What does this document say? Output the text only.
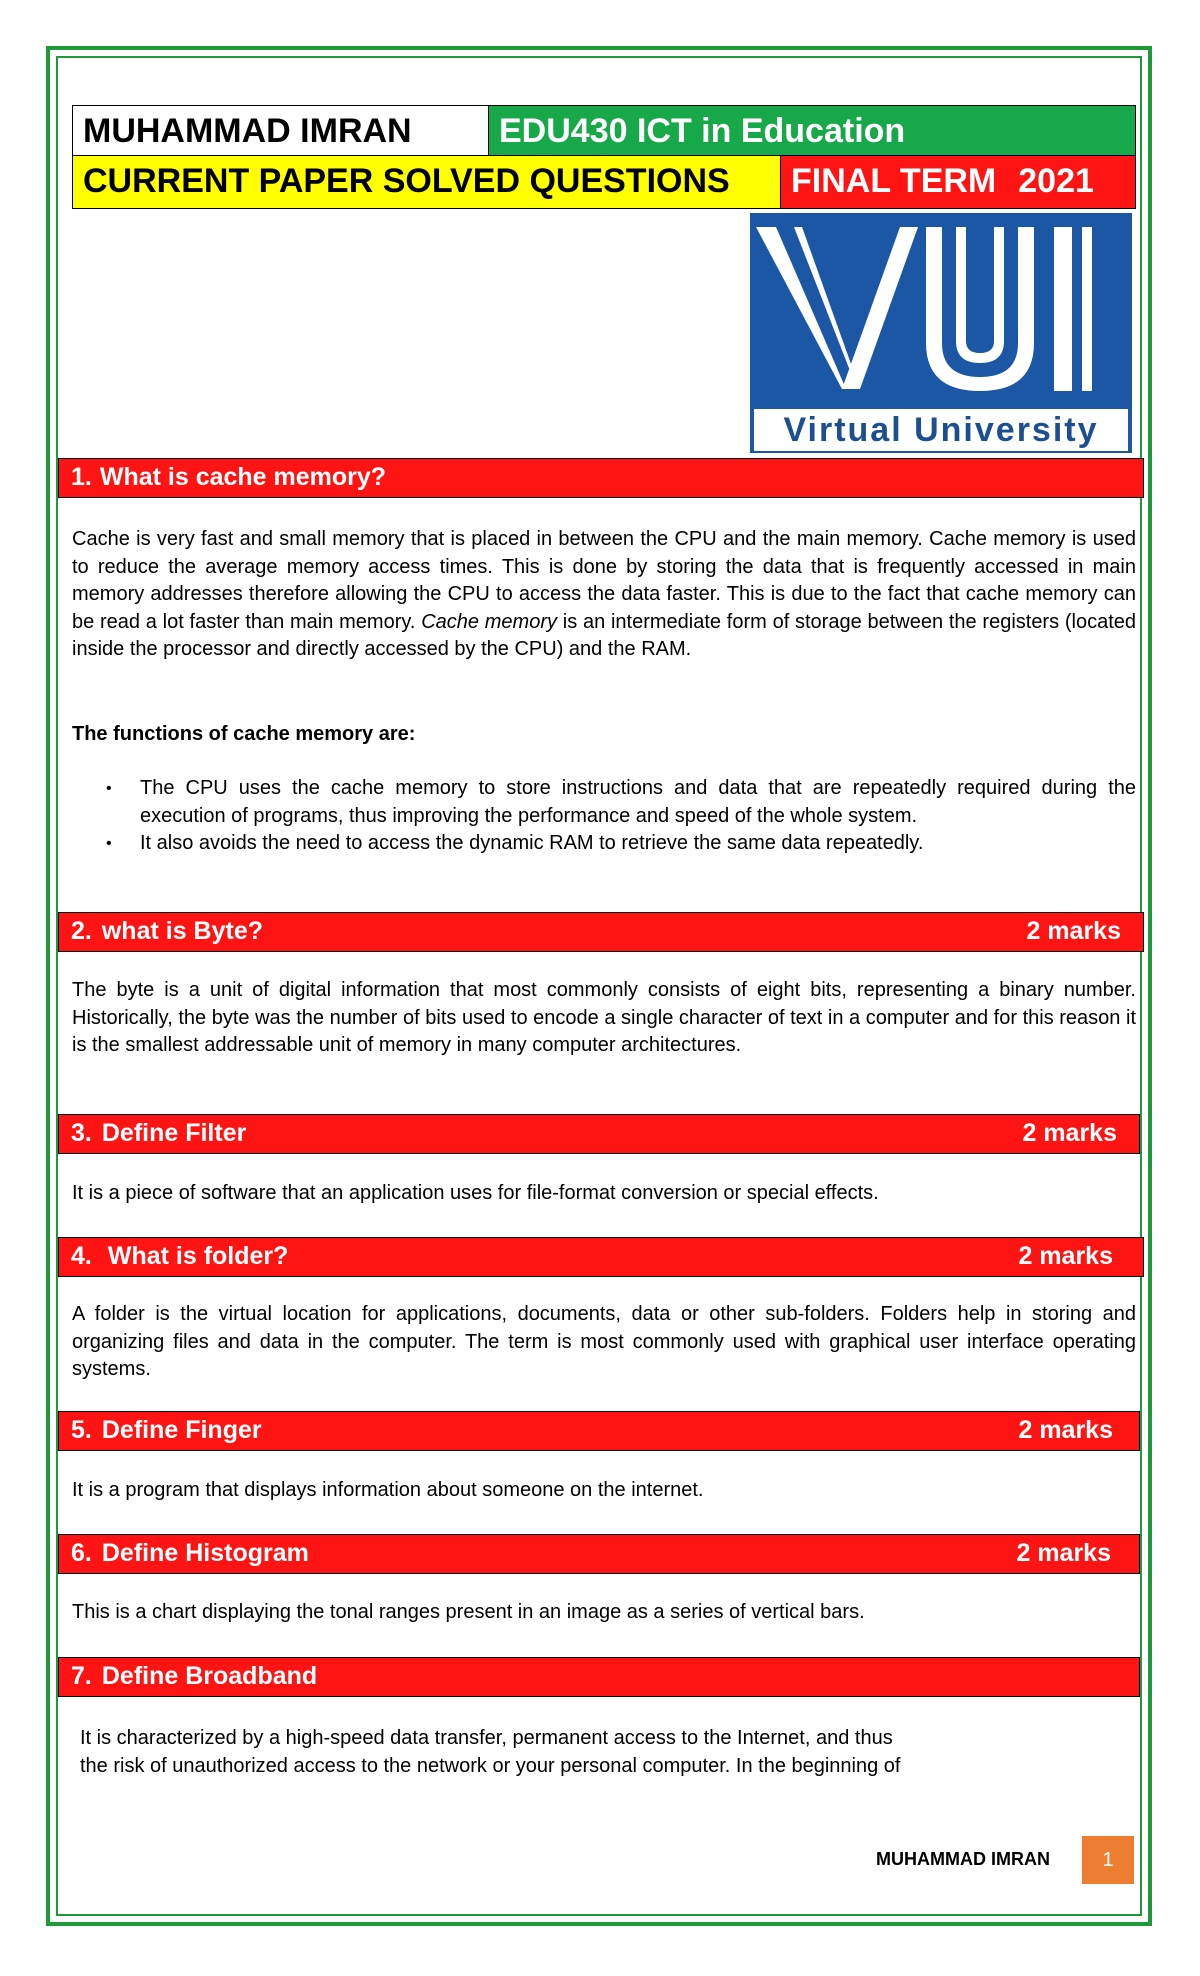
MUHAMMAD IMRAN	EDU430 ICT in Education
CURRENT PAPER SOLVED QUESTIONS	FINAL TERM 2021
Virtual University
1. What is cache memory?
Cache is very fast and small memory that is placed in between the CPU and the main memory. Cache memory is used to reduce the average memory access times. This is done by storing the data that is frequently accessed in main memory addresses therefore allowing the CPU to access the data faster. This is due to the fact that cache memory can be read a lot faster than main memory. Cache memory is an intermediate form of storage between the registers (located inside the processor and directly accessed by the CPU) and the RAM.
The functions of cache memory are:
• The CPU uses the cache memory to store instructions and data that are repeatedly required during the execution of programs, thus improving the performance and speed of the whole system.
• It also avoids the need to access the dynamic RAM to retrieve the same data repeatedly.
2. what is Byte?	2 marks
The byte is a unit of digital information that most commonly consists of eight bits, representing a binary number. Historically, the byte was the number of bits used to encode a single character of text in a computer and for this reason it is the smallest addressable unit of memory in many computer architectures.
3. Define Filter	2 marks
It is a piece of software that an application uses for file-format conversion or special effects.
4. What is folder?	2 marks
A folder is the virtual location for applications, documents, data or other sub-folders. Folders help in storing and organizing files and data in the computer. The term is most commonly used with graphical user interface operating systems.
5. Define Finger	2 marks
It is a program that displays information about someone on the internet.
6. Define Histogram	2 marks
This is a chart displaying the tonal ranges present in an image as a series of vertical bars.
7. Define Broadband
It is characterized by a high-speed data transfer, permanent access to the Internet, and thus
the risk of unauthorized access to the network or your personal computer. In the beginning of
MUHAMMAD IMRAN	1
